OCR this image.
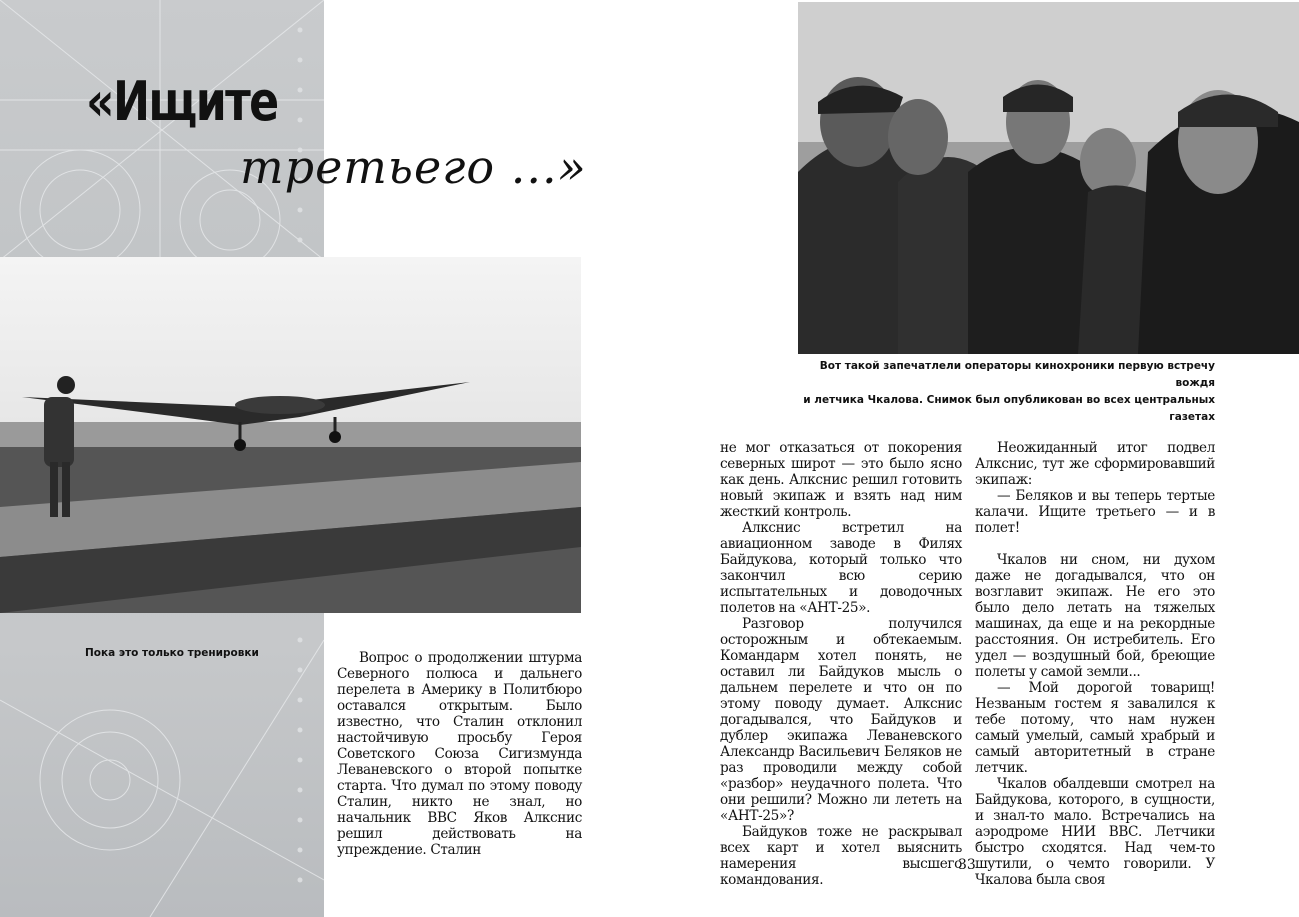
«Ищите
третьего ...»
Пока это только тренировки
Вот такой запечатлели операторы кинохроники первую встречу вождя
и летчика Чкалова. Снимок был опубликован во всех центральных газетах

Вопрос о продолжении штурма Северного полюса и дальнего перелета в Америку в Политбюро оставался открытым. Было известно, что Сталин отклонил настойчивую просьбу Героя Советского Союза Сигизмунда Леваневского о второй попытке старта. Что думал по этому поводу Сталин, никто не знал, но начальник ВВС Яков Алкснис решил действовать на упреждение. Сталин

не мог отказаться от покорения северных широт — это было ясно как день. Алкснис решил готовить новый экипаж и взять над ним жесткий контроль.

Алкснис встретил на авиационном заводе в Филях Байдукова, который только что закончил всю серию испытательных и доводочных полетов на «АНТ-25».

Разговор получился осторожным и обтекаемым. Командарм хотел понять, не оставил ли Байдуков мысль о дальнем перелете и что он по этому поводу думает. Алкснис догадывался, что Байдуков и дублер экипажа Леваневского Александр Васильевич Беляков не раз проводили между собой «разбор» неудачного полета. Что они решили? Можно ли лететь на «АНТ-25»?

Байдуков тоже не раскрывал всех карт и хотел выяснить намерения высшего командования.

Неожиданный итог подвел Алкснис, тут же сформировавший экипаж:

— Беляков и вы теперь тертые калачи. Ищите третьего — и в полет!

Чкалов ни сном, ни духом даже не догадывался, что он возглавит экипаж. Не его это было дело летать на тяжелых машинах, да еще и на рекордные расстояния. Он истребитель. Его удел — воздушный бой, бреющие полеты у самой земли...

— Мой дорогой товарищ! Незваным гостем я завалился к тебе потому, что нам нужен самый умелый, самый храбрый и самый авторитетный в стране летчик.

Чкалов обалдевши смотрел на Байдукова, которого, в сущности, и знал-то мало. Встречались на аэродроме НИИ ВВС. Летчики быстро сходятся. Над чем-то шутили, о чемто говорили. У Чкалова была своя

33
